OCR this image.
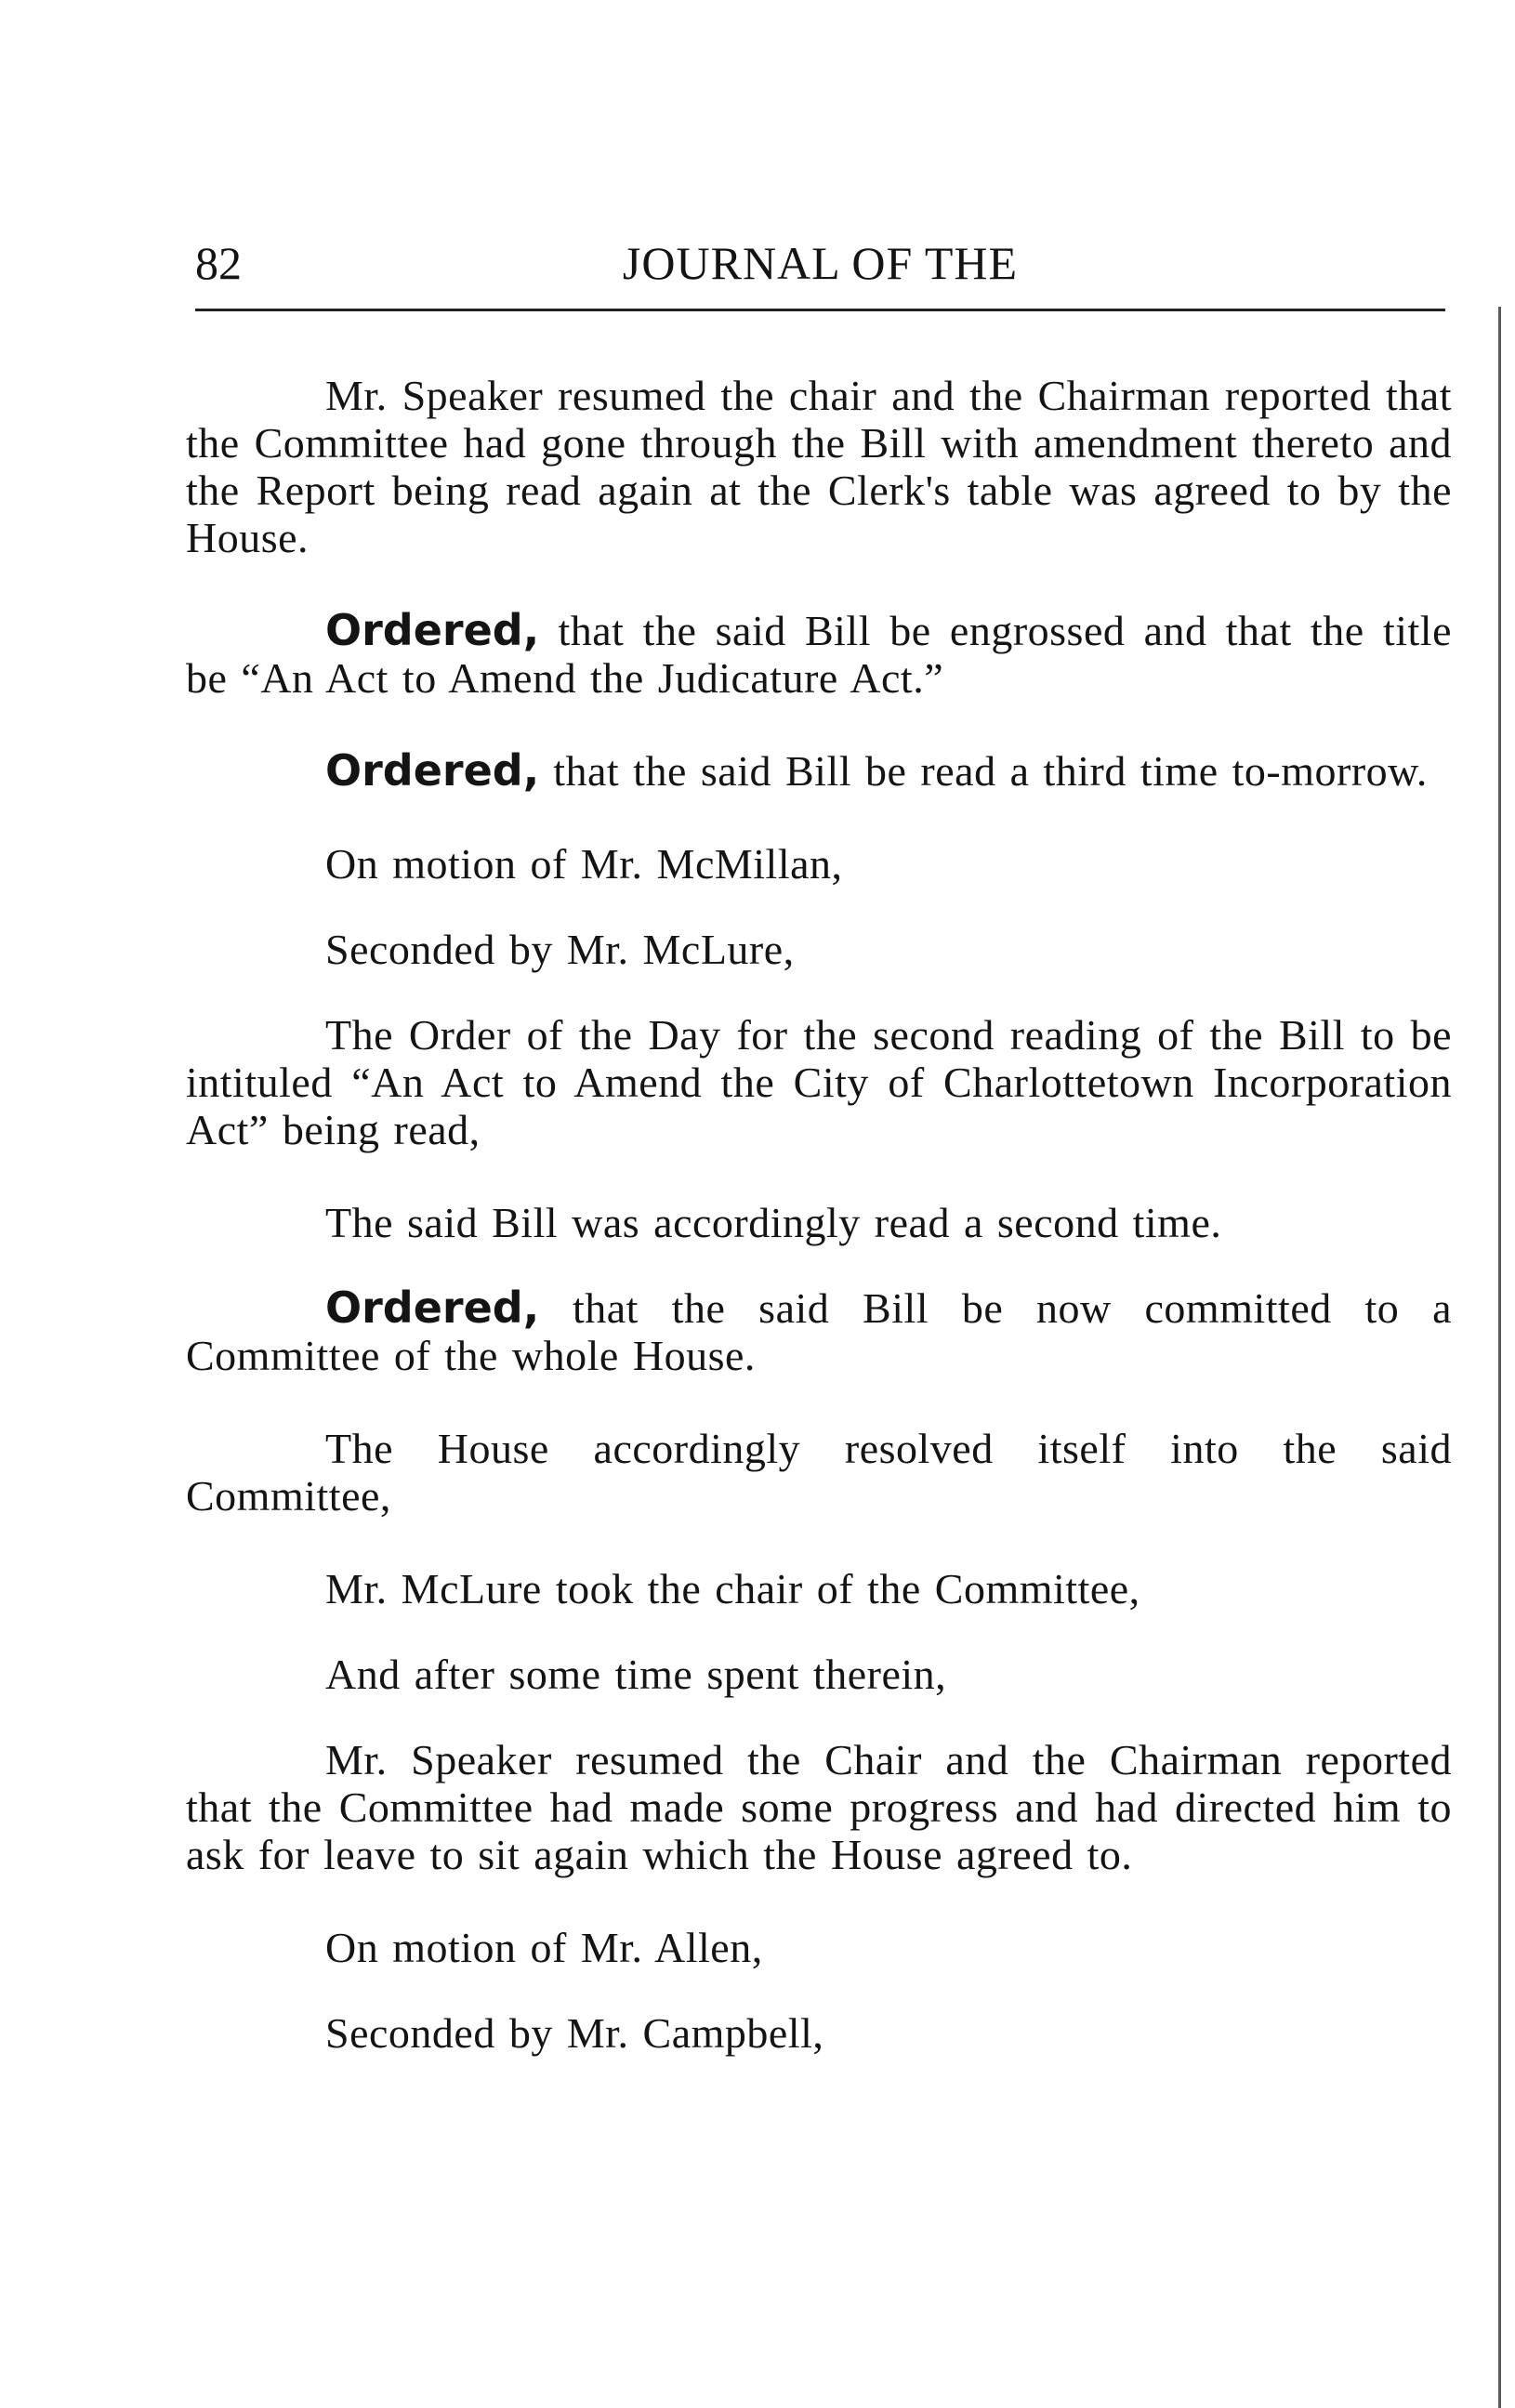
82	JOURNAL OF THE

Mr. Speaker resumed the chair and the Chairman reported that the Committee had gone through the Bill with amendment thereto and the Report being read again at the Clerk's table was agreed to by the House.

Ordered, that the said Bill be engrossed and that the title be “An Act to Amend the Judicature Act.”

Ordered, that the said Bill be read a third time to-morrow.

On motion of Mr. McMillan,

Seconded by Mr. McLure,

The Order of the Day for the second reading of the Bill to be intituled “An Act to Amend the City of Charlottetown Incorporation Act” being read,

The said Bill was accordingly read a second time.

Ordered, that the said Bill be now committed to a Committee of the whole House.

The House accordingly resolved itself into the said Committee,

Mr. McLure took the chair of the Committee,

And after some time spent therein,

Mr. Speaker resumed the Chair and the Chairman reported that the Committee had made some progress and had directed him to ask for leave to sit again which the House agreed to.

On motion of Mr. Allen,

Seconded by Mr. Campbell,
